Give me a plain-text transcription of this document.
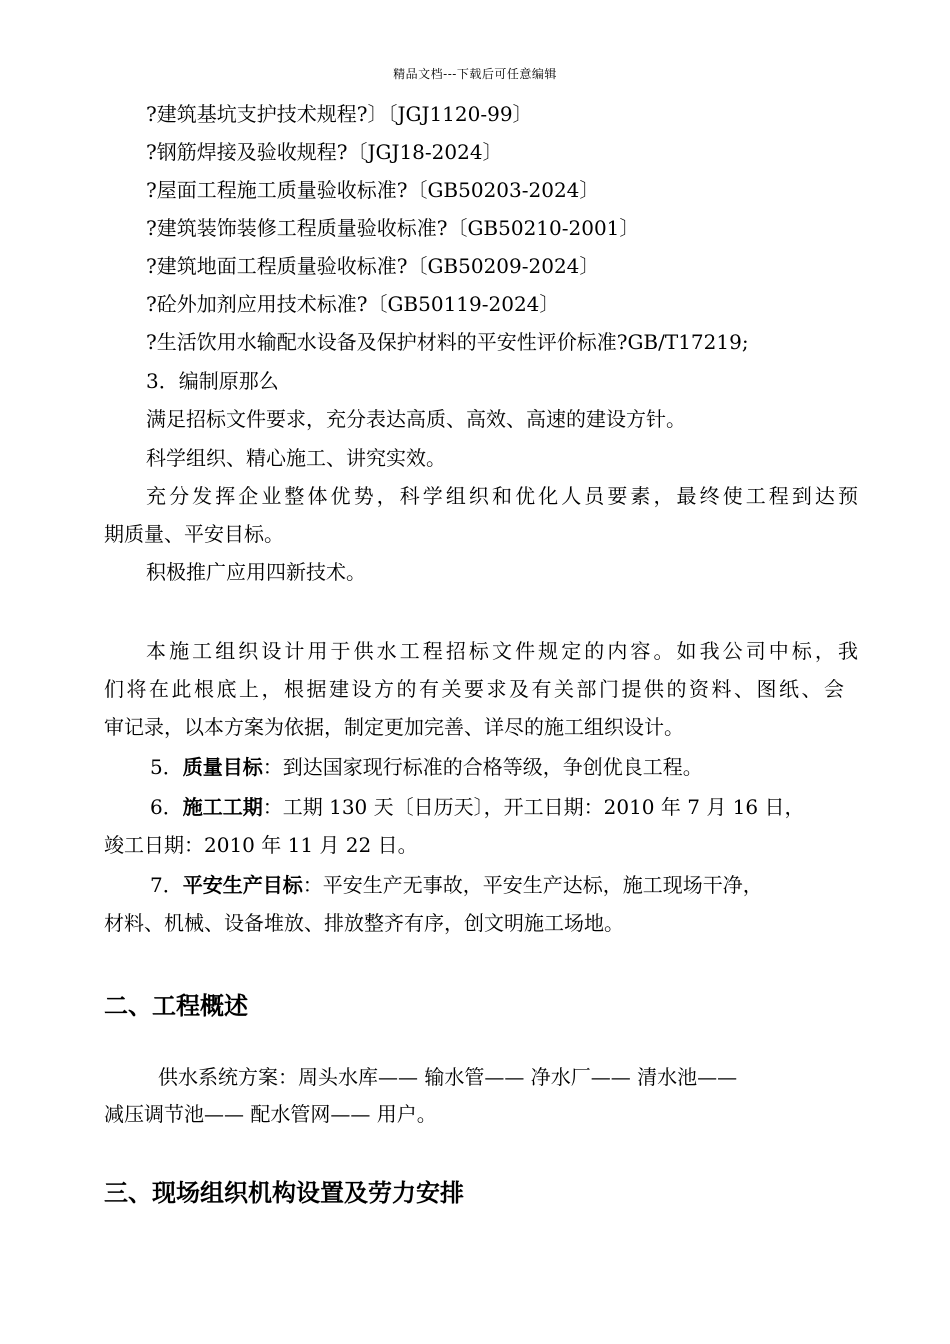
精品文档---下载后可任意编辑
?建筑基坑支护技术规程?〕〔JGJ1120-99〕
?钢筋焊接及验收规程?〔JGJ18-2024〕
?屋面工程施工质量验收标准?〔GB50203-2024〕
?建筑装饰装修工程质量验收标准?〔GB50210-2001〕
?建筑地面工程质量验收标准?〔GB50209-2024〕
?砼外加剂应用技术标准?〔GB50119-2024〕
?生活饮用水输配水设备及保护材料的平安性评价标准?GB/T17219;
3．编制原那么
满足招标文件要求，充分表达高质、高效、高速的建设方针。
科学组织、精心施工、讲究实效。
充分发挥企业整体优势，科学组织和优化人员要素，最终使工程到达预
期质量、平安目标。
积极推广应用四新技术。
本施工组织设计用于供水工程招标文件规定的内容。如我公司中标，我
们将在此根底上，根据建设方的有关要求及有关部门提供的资料、图纸、会
审记录，以本方案为依据，制定更加完善、详尽的施工组织设计。
5．质量目标：到达国家现行标准的合格等级，争创优良工程。
6．施工工期：工期 130 天〔日历天〕，开工日期：2010 年 7 月 16 日，
竣工日期：2010 年 11 月 22 日。
7．平安生产目标：平安生产无事故，平安生产达标，施工现场干净，
材料、机械、设备堆放、排放整齐有序，创文明施工场地。
二、工程概述
供水系统方案：周头水库—— 输水管—— 净水厂—— 清水池——
减压调节池—— 配水管网—— 用户。
三、现场组织机构设置及劳力安排
